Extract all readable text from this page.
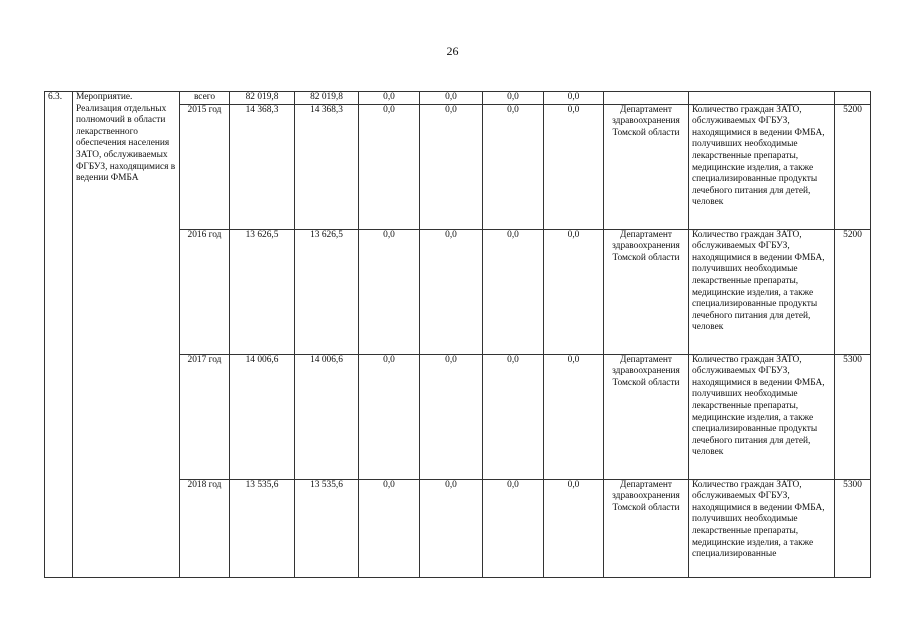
26
6.3.	Мероприятие. Реализация отдельных полномочий в области лекарственного обеспечения населения ЗАТО, обслуживаемых ФГБУЗ, находящимися в ведении ФМБА	всего	82 019,8	82 019,8	0,0	0,0	0,0	0,0			
		2015 год	14 368,3	14 368,3	0,0	0,0	0,0	0,0	Департамент здравоохранения Томской области	Количество граждан ЗАТО, обслуживаемых ФГБУЗ, находящимися в ведении ФМБА, получивших необходимые лекарственные препараты, медицинские изделия, а также специализированные продукты лечебного питания для детей, человек	5200
		2016 год	13 626,5	13 626,5	0,0	0,0	0,0	0,0	Департамент здравоохранения Томской области	Количество граждан ЗАТО, обслуживаемых ФГБУЗ, находящимися в ведении ФМБА, получивших необходимые лекарственные препараты, медицинские изделия, а также специализированные продукты лечебного питания для детей, человек	5200
		2017 год	14 006,6	14 006,6	0,0	0,0	0,0	0,0	Департамент здравоохранения Томской области	Количество граждан ЗАТО, обслуживаемых ФГБУЗ, находящимися в ведении ФМБА, получивших необходимые лекарственные препараты, медицинские изделия, а также специализированные продукты лечебного питания для детей, человек	5300
		2018 год	13 535,6	13 535,6	0,0	0,0	0,0	0,0	Департамент здравоохранения Томской области	Количество граждан ЗАТО, обслуживаемых ФГБУЗ, находящимися в ведении ФМБА, получивших необходимые лекарственные препараты, медицинские изделия, а также специализированные	5300
